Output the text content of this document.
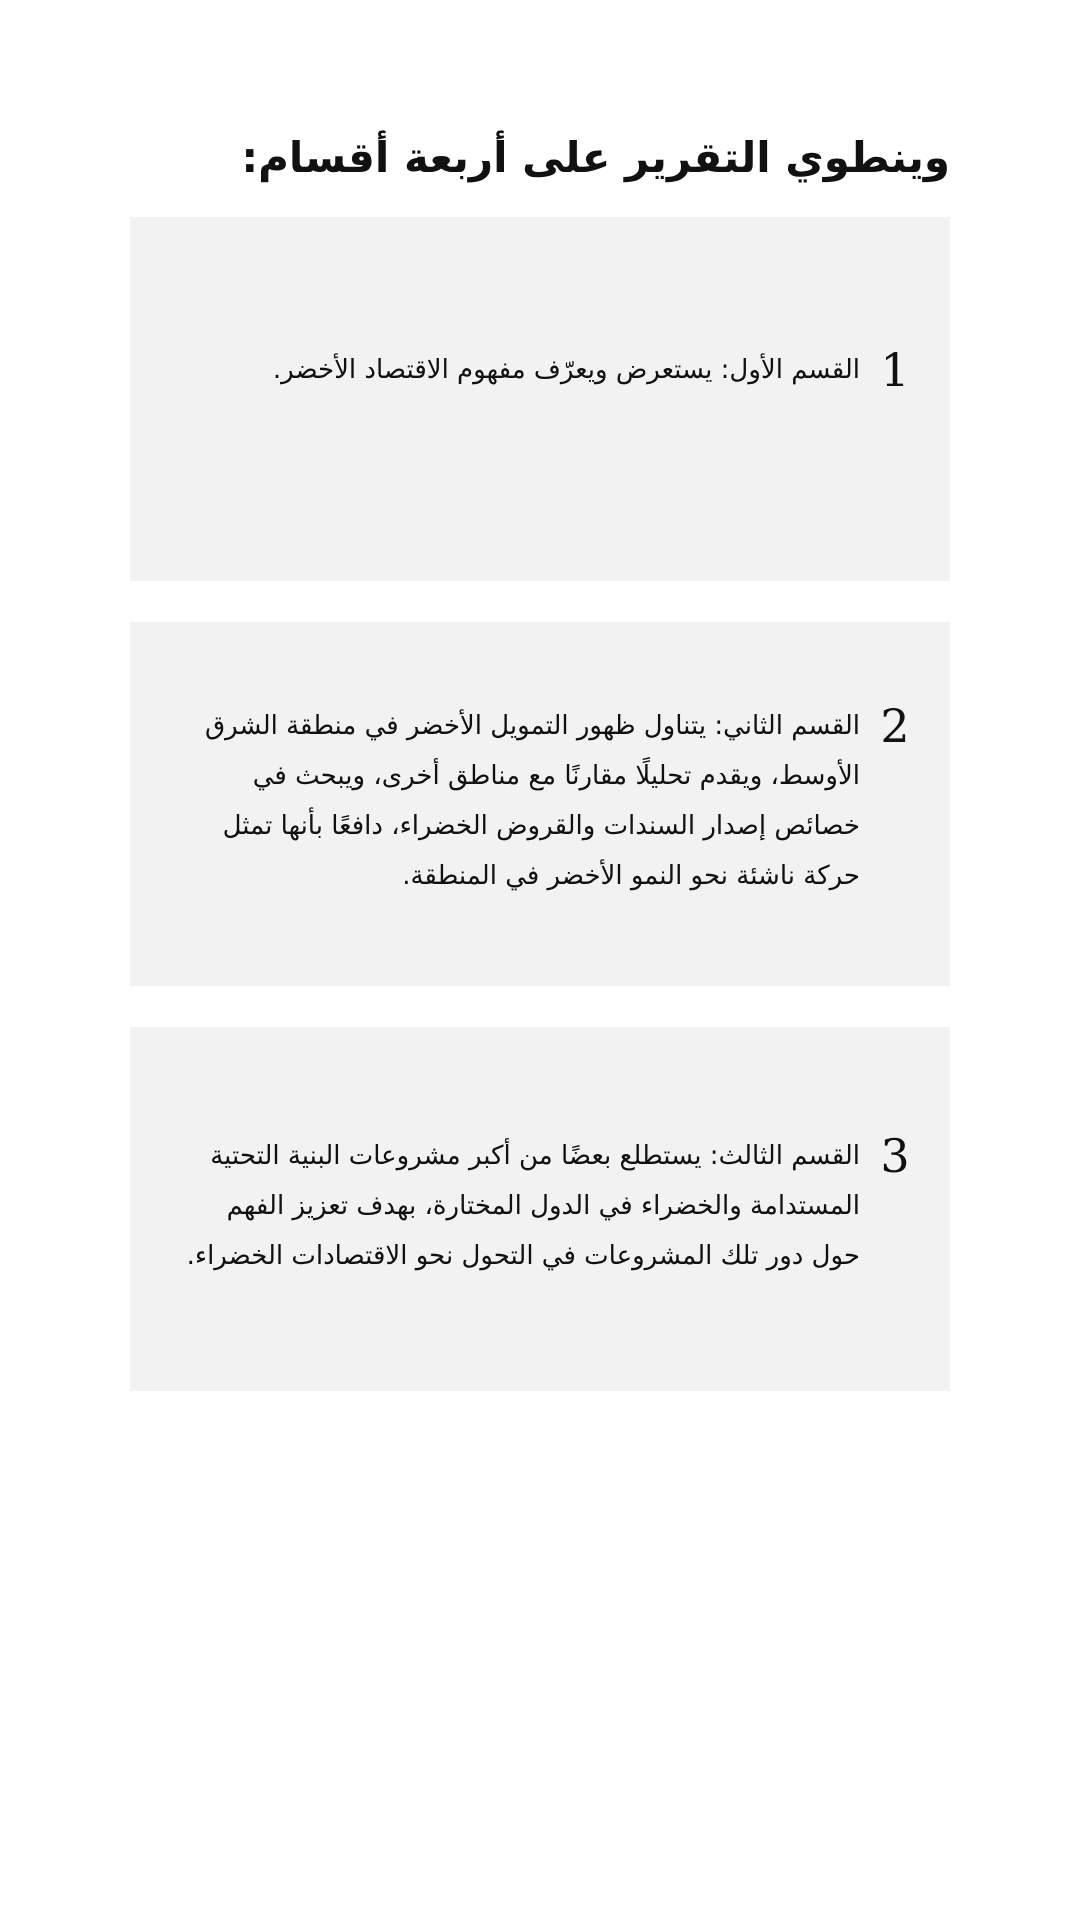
وينطوي التقرير على أربعة أقسام:
1

القسم الأول: يستعرض ويعرّف مفهوم الاقتصاد الأخضر.

2

القسم الثاني: يتناول ظهور التمويل الأخضر في منطقة الشرق الأوسط، ويقدم تحليلًا مقارنًا مع مناطق أخرى، ويبحث في خصائص إصدار السندات والقروض الخضراء، دافعًا بأنها تمثل حركة ناشئة نحو النمو الأخضر في المنطقة.

3

القسم الثالث: يستطلع بعضًا من أكبر مشروعات البنية التحتية المستدامة والخضراء في الدول المختارة، بهدف تعزيز الفهم حول دور تلك المشروعات في التحول نحو الاقتصادات الخضراء.
